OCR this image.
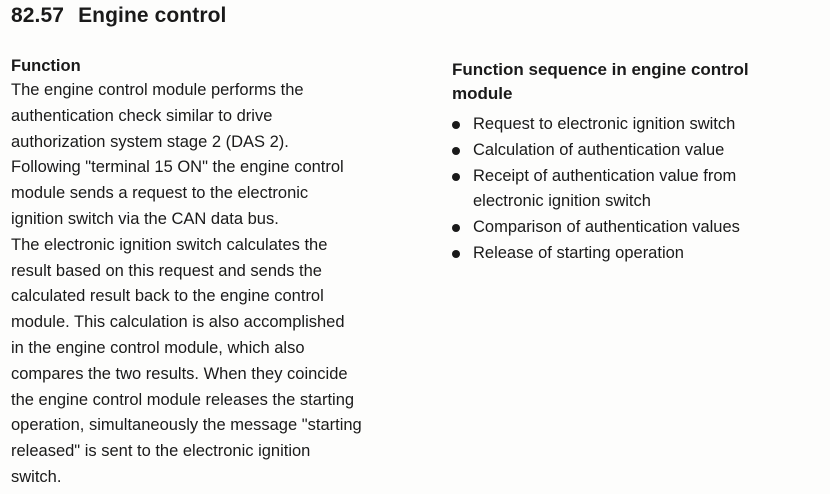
82.57 Engine control
Function

The engine control module performs the
authentication check similar to drive
authorization system stage 2 (DAS 2).
Following "terminal 15 ON" the engine control
module sends a request to the electronic
ignition switch via the CAN data bus.
The electronic ignition switch calculates the
result based on this request and sends the
calculated result back to the engine control
module. This calculation is also accomplished
in the engine control module, which also
compares the two results. When they coincide
the engine control module releases the starting
operation, simultaneously the message "starting
released" is sent to the electronic ignition
switch.

Function sequence in engine control
module
Request to electronic ignition switch
Calculation of authentication value
Receipt of authentication value from
electronic ignition switch
Comparison of authentication values
Release of starting operation
